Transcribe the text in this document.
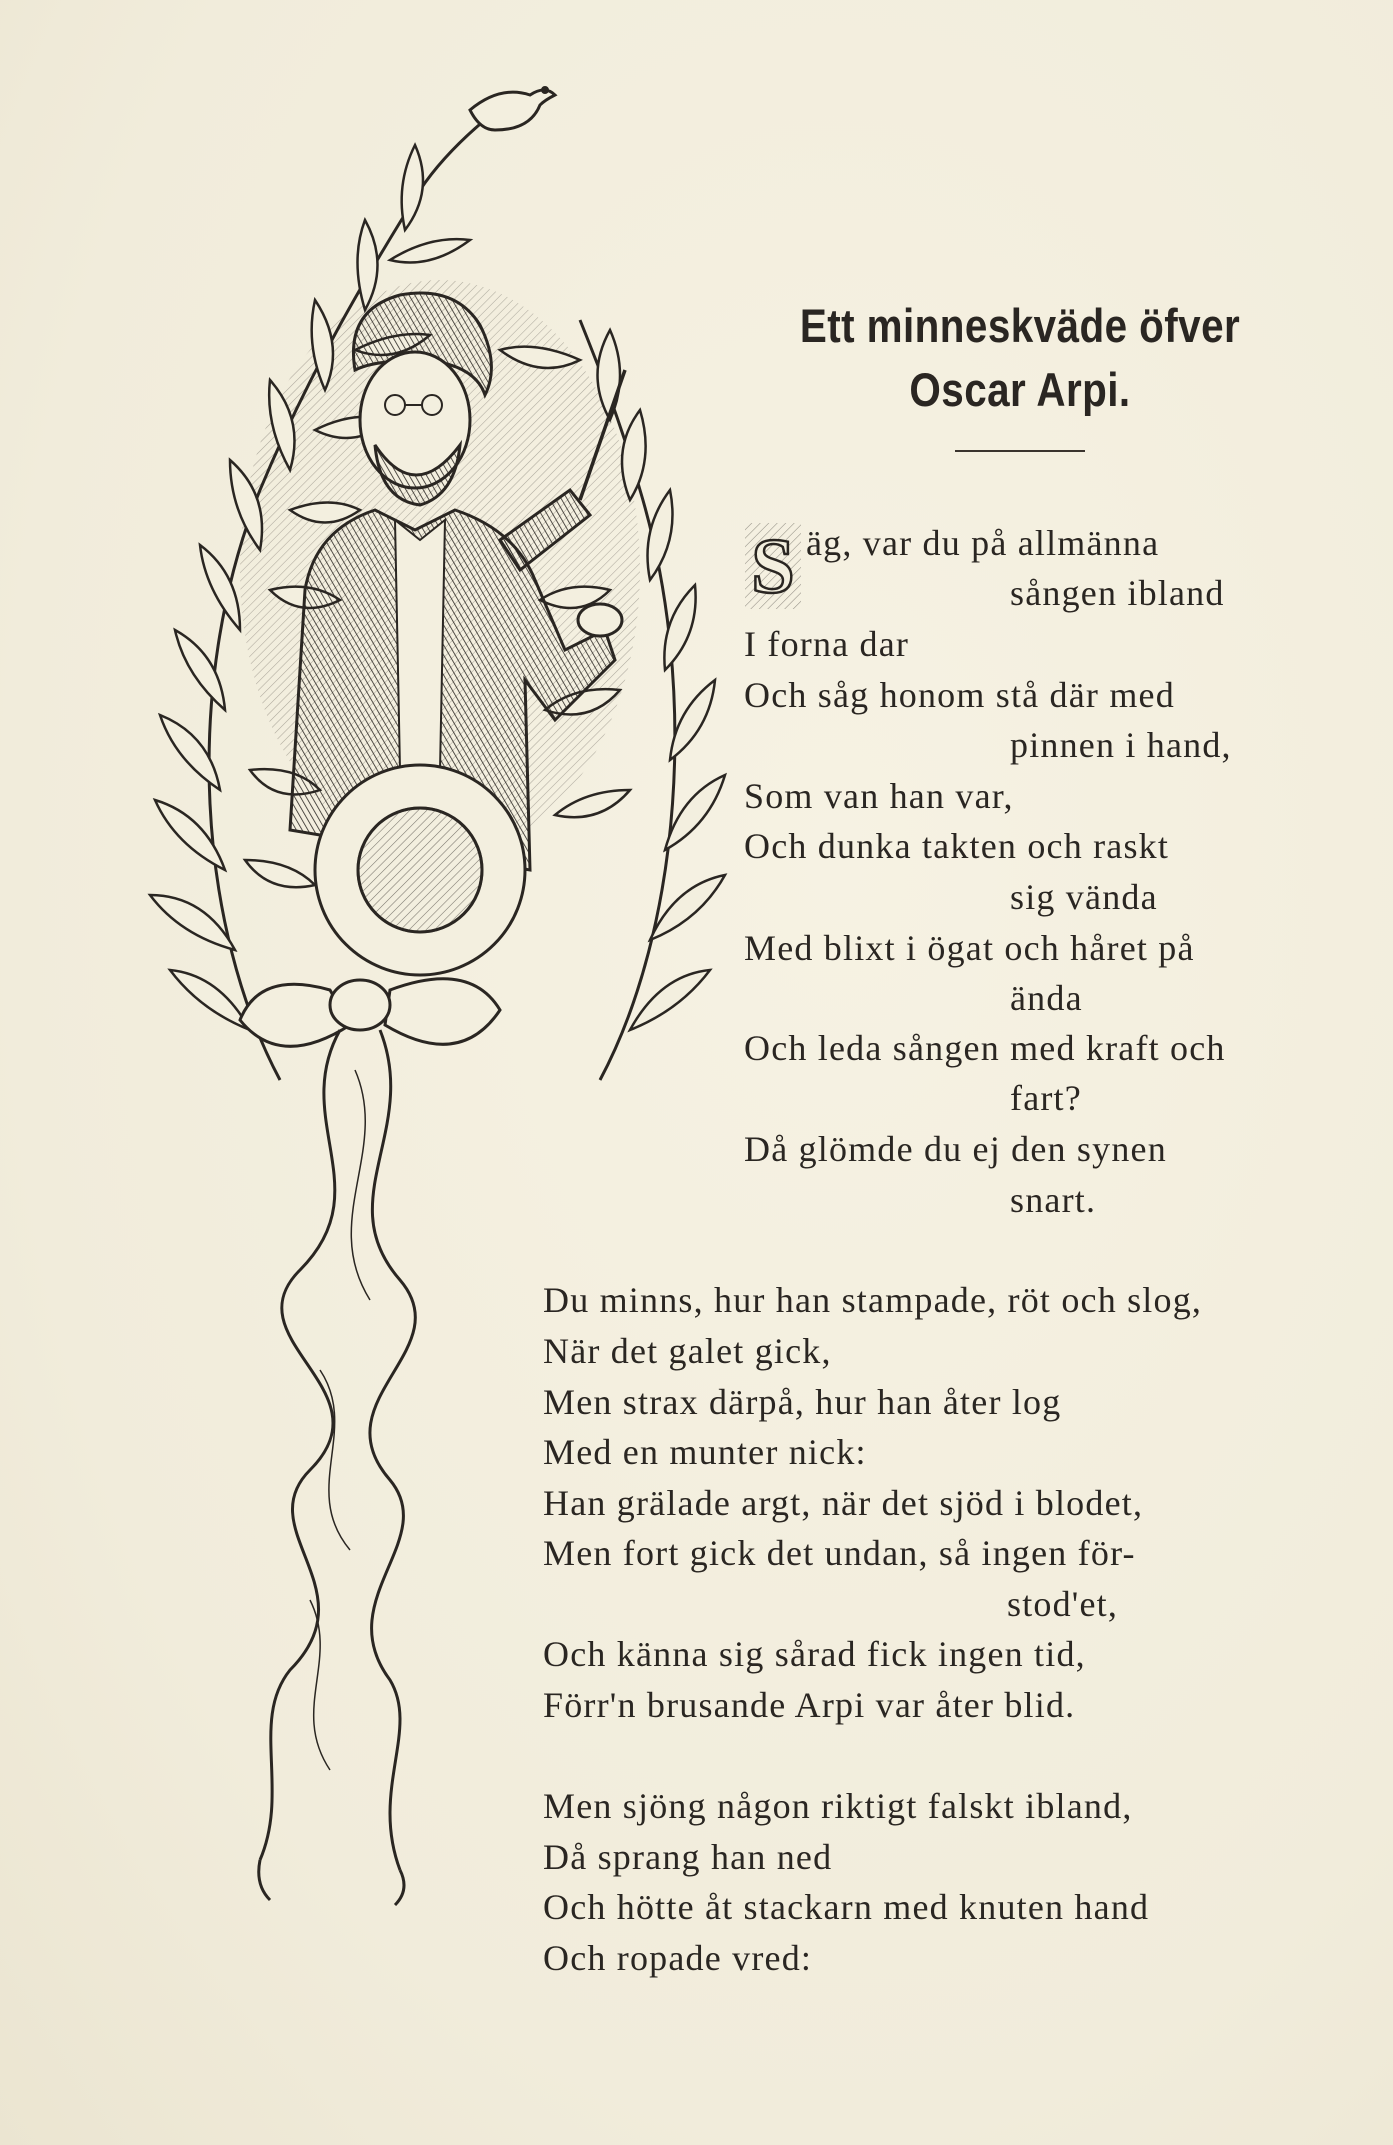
Ett minneskväde öfver
Oscar Arpi.
S äg, var du på allmänna
sången ibland
I forna dar
Och såg honom stå där med
pinnen i hand,
Som van han var,
Och dunka takten och raskt
sig vända
Med blixt i ögat och håret på
ända
Och leda sången med kraft och
fart?
Då glömde du ej den synen
snart.
Du minns, hur han stampade, röt och slog,
När det galet gick,
Men strax därpå, hur han åter log
Med en munter nick:
Han grälade argt, när det sjöd i blodet,
Men fort gick det undan, så ingen för-
stod'et,
Och känna sig sårad fick ingen tid,
Förr'n brusande Arpi var åter blid.
Men sjöng någon riktigt falskt ibland,
Då sprang han ned
Och hötte åt stackarn med knuten hand
Och ropade vred:
